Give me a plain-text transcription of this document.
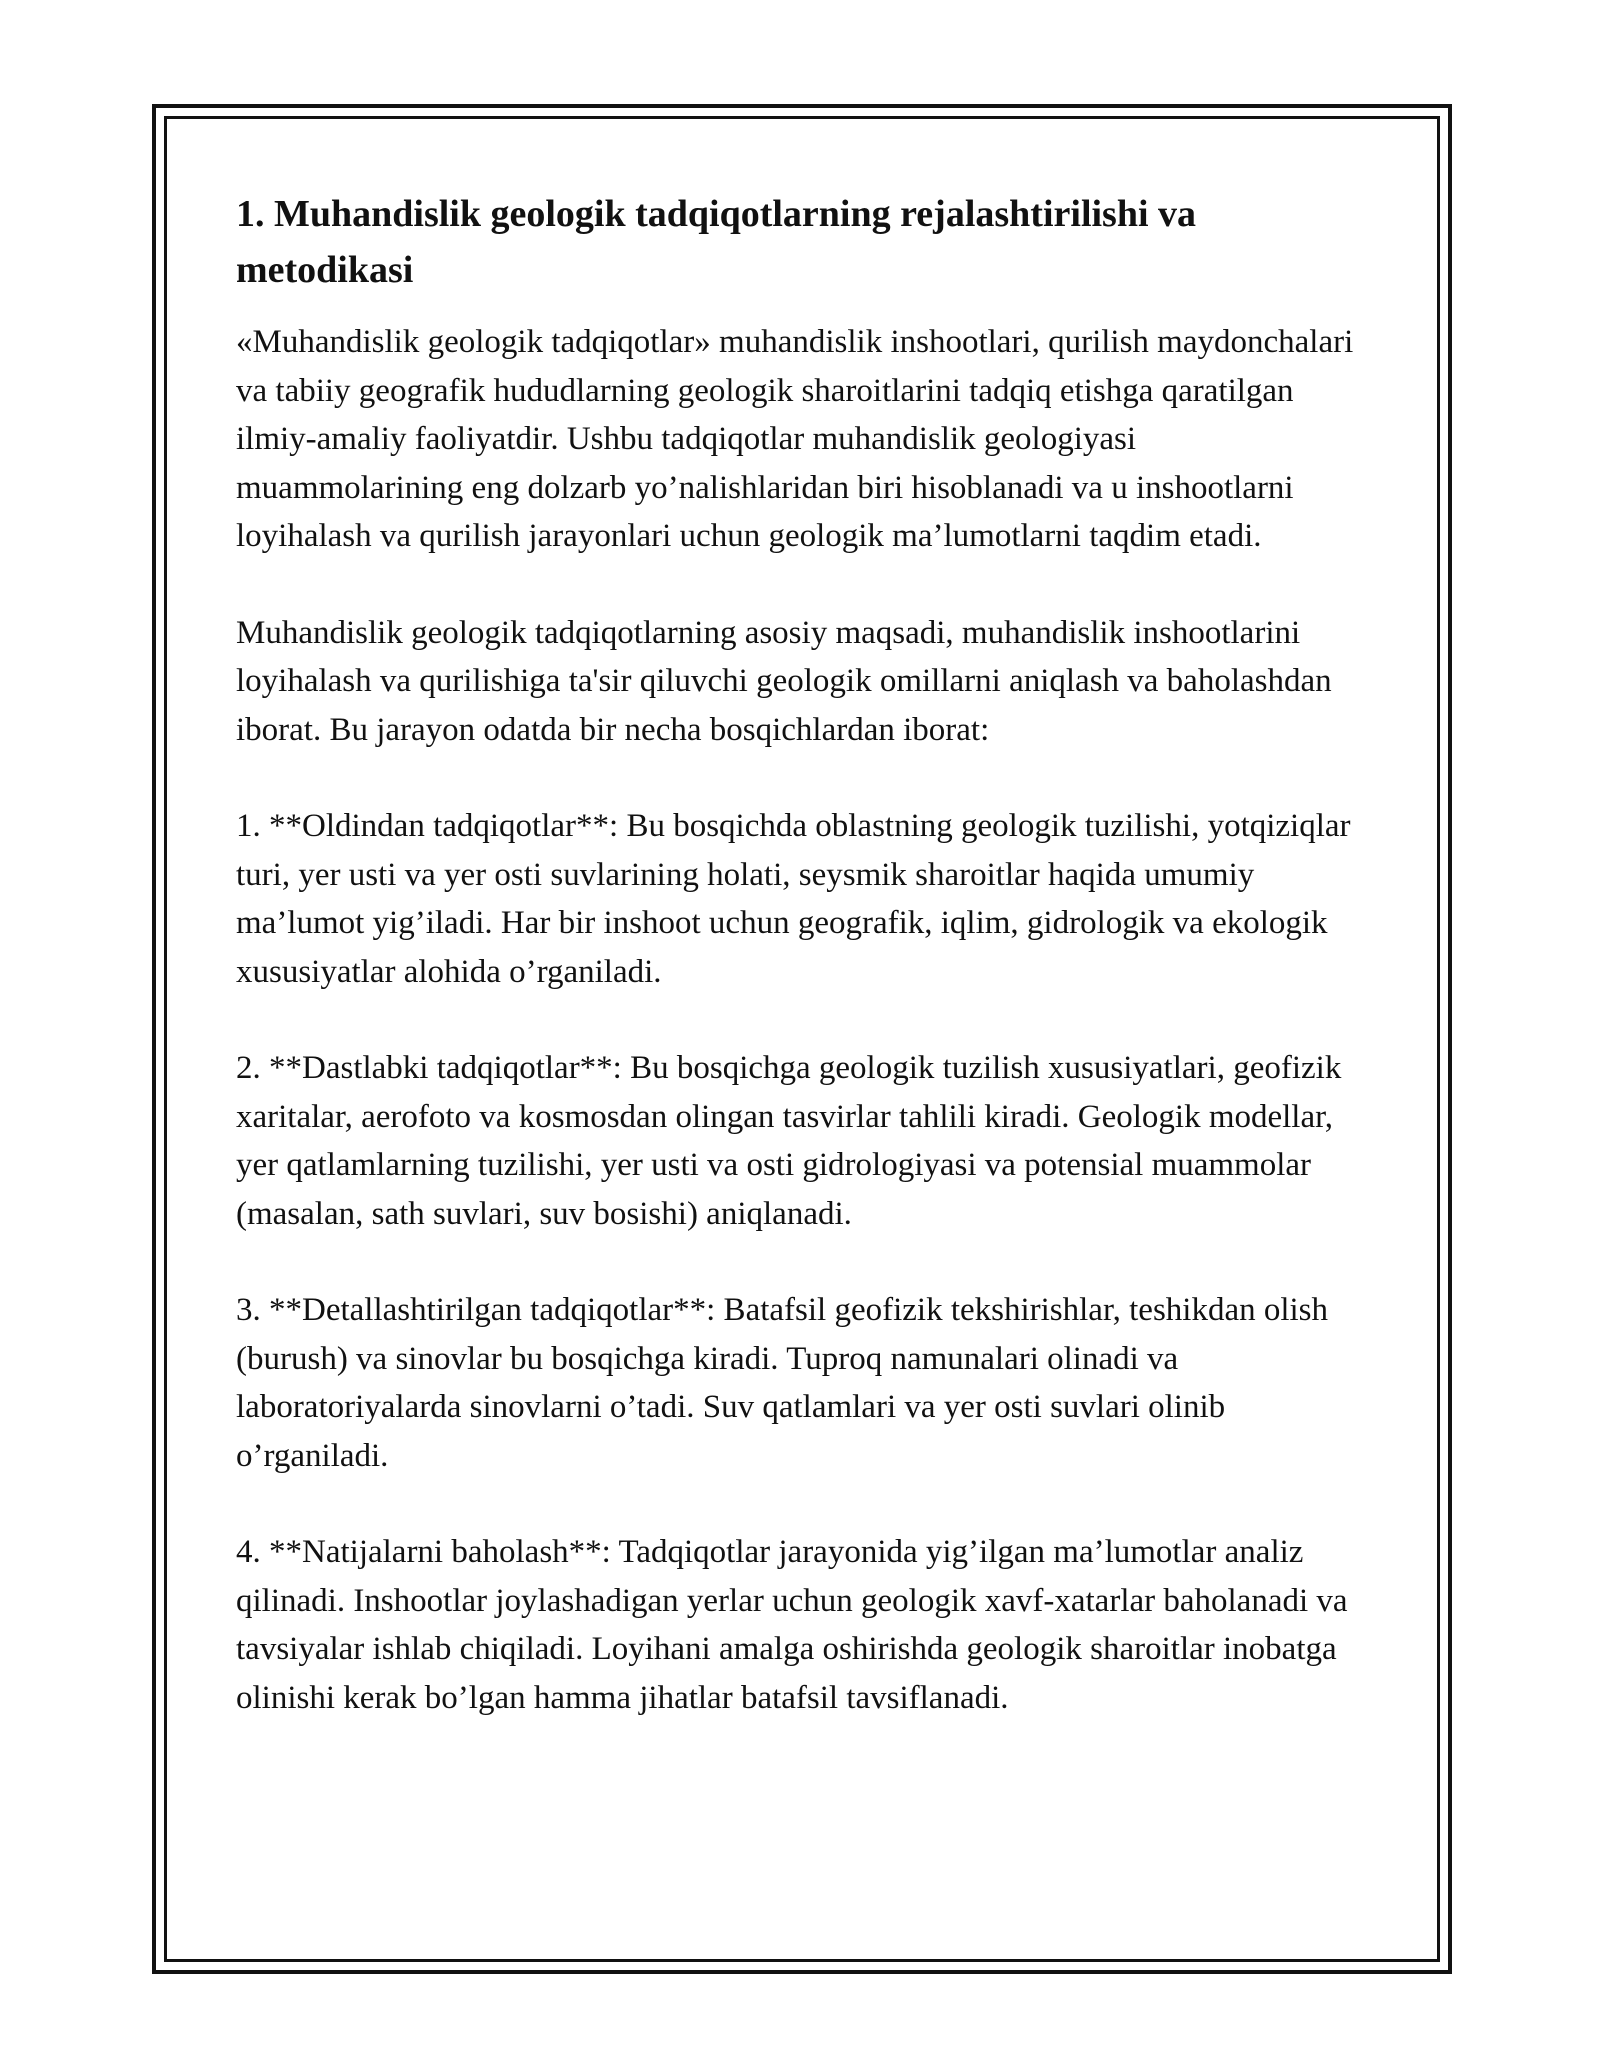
1. Muhandislik geologik tadqiqotlarning rejalashtirilishi va metodikasi

«Muhandislik geologik tadqiqotlar» muhandislik inshootlari, qurilish maydonchalari va tabiiy geografik hududlarning geologik sharoitlarini tadqiq etishga qaratilgan ilmiy-amaliy faoliyatdir. Ushbu tadqiqotlar muhandislik geologiyasi muammolarining eng dolzarb yo’nalishlaridan biri hisoblanadi va u inshootlarni loyihalash va qurilish jarayonlari uchun geologik ma’lumotlarni taqdim etadi.

Muhandislik geologik tadqiqotlarning asosiy maqsadi, muhandislik inshootlarini loyihalash va qurilishiga ta'sir qiluvchi geologik omillarni aniqlash va baholashdan iborat. Bu jarayon odatda bir necha bosqichlardan iborat:

1. **Oldindan tadqiqotlar**: Bu bosqichda oblastning geologik tuzilishi, yotqiziqlar turi, yer usti va yer osti suvlarining holati, seysmik sharoitlar haqida umumiy ma’lumot yig’iladi. Har bir inshoot uchun geografik, iqlim, gidrologik va ekologik xususiyatlar alohida o’rganiladi.

2. **Dastlabki tadqiqotlar**: Bu bosqichga geologik tuzilish xususiyatlari, geofizik xaritalar, aerofoto va kosmosdan olingan tasvirlar tahlili kiradi. Geologik modellar, yer qatlamlarning tuzilishi, yer usti va osti gidrologiyasi va potensial muammolar (masalan, sath suvlari, suv bosishi) aniqlanadi.

3. **Detallashtirilgan tadqiqotlar**: Batafsil geofizik tekshirishlar, teshikdan olish (burush) va sinovlar bu bosqichga kiradi. Tuproq namunalari olinadi va laboratoriyalarda sinovlarni o’tadi. Suv qatlamlari va yer osti suvlari olinib o’rganiladi.

4. **Natijalarni baholash**: Tadqiqotlar jarayonida yig’ilgan ma’lumotlar analiz qilinadi. Inshootlar joylashadigan yerlar uchun geologik xavf-xatarlar baholanadi va tavsiyalar ishlab chiqiladi. Loyihani amalga oshirishda geologik sharoitlar inobatga olinishi kerak bo’lgan hamma jihatlar batafsil tavsiflanadi.
